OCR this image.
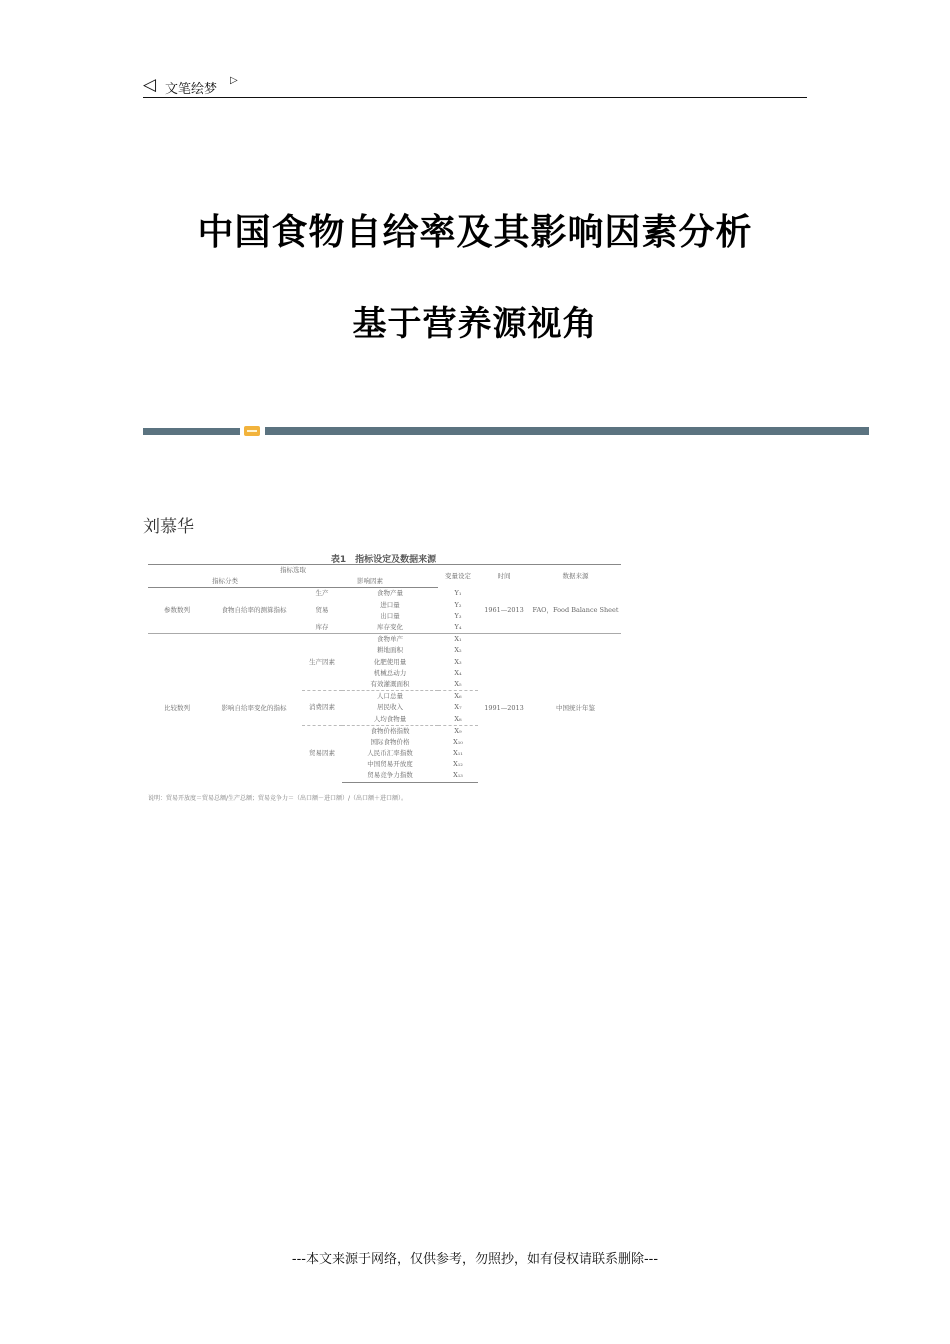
◁ 文笔绘梦
▷
中国食物自给率及其影响因素分析
基于营养源视角
刘慕华
表1　指标设定及数据来源
指标选取				变量设定	时间	数据来源
指标分类		影响因素				
参数数列	食物自给率的测算指标	生产	食物产量	Y₁	1961—2013	FAO，Food Balance Sheet
		贸易	进口量	Y₂		
			出口量	Y₃		
		库存	库存变化	Y₄		
比较数列	影响自给率变化的指标	生产因素	食物单产	X₁	1991—2013	中国统计年鉴
			耕地面积	X₂		
			化肥使用量	X₃		
			机械总动力	X₄		
			有效灌溉面积	X₅		
		消费因素	人口总量	X₆		
			居民收入	X₇		
			人均食物量	X₈		
		贸易因素	食物价格指数	X₉		
			国际食物价格	X₁₀		
			人民币汇率指数	X₁₁		
			中国贸易开放度	X₁₂		
			贸易竞争力指数	X₁₃		
说明：贸易开放度＝贸易总额/生产总额；贸易竞争力＝（出口额－进口额）/（出口额＋进口额）。
---本文来源于网络，仅供参考，勿照抄，如有侵权请联系删除---
